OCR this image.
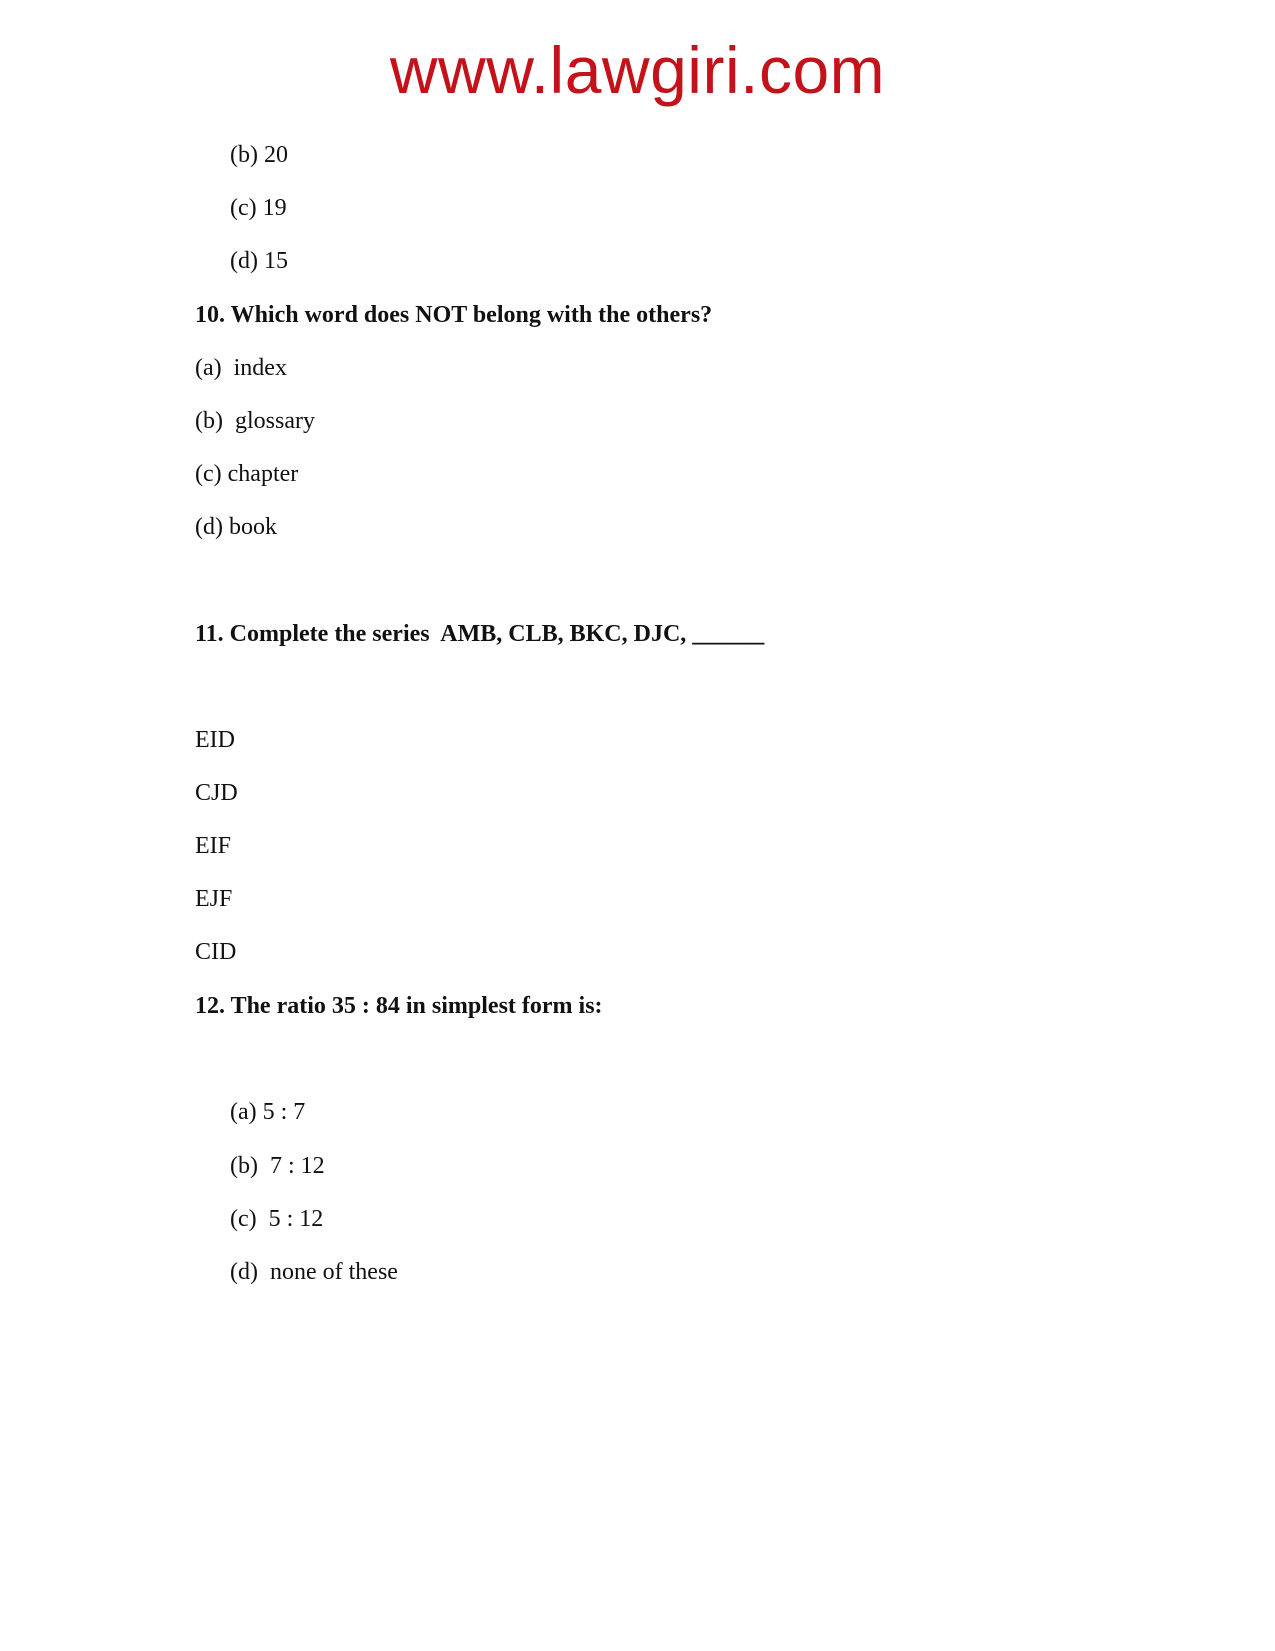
www.lawgiri.com
(b) 20
(c) 19
(d) 15
10. Which word does NOT belong with the others?
(a)  index
(b)  glossary
(c) chapter
(d) book
11. Complete the series  AMB, CLB, BKC, DJC, ______
EID
CJD
EIF
EJF
CID
12. The ratio 35 : 84 in simplest form is:
(a) 5 : 7
(b)  7 : 12
(c)  5 : 12
(d)  none of these
